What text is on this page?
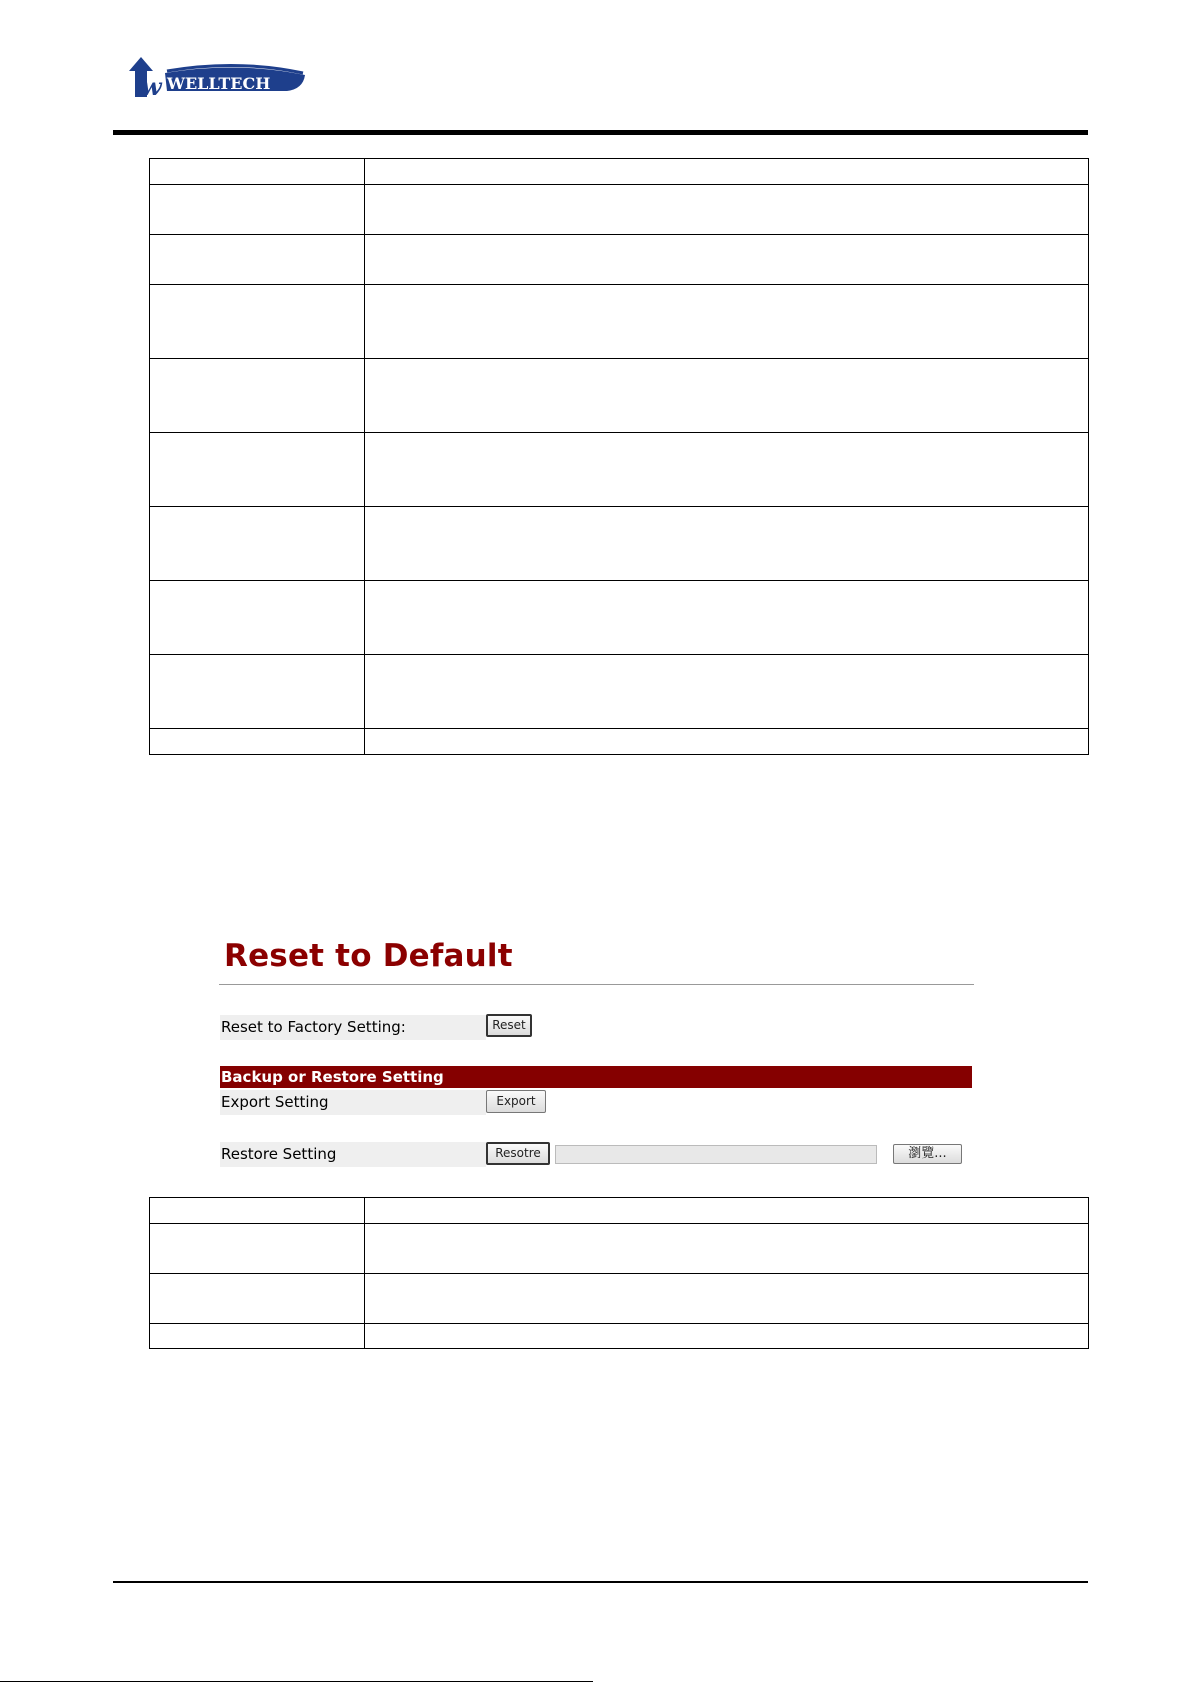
w WELLTECH

Reset to Default
Reset to Factory Setting:	Reset
Backup or Restore Setting
Export Setting	Export
Restore Setting	Resotre	瀏覽...
